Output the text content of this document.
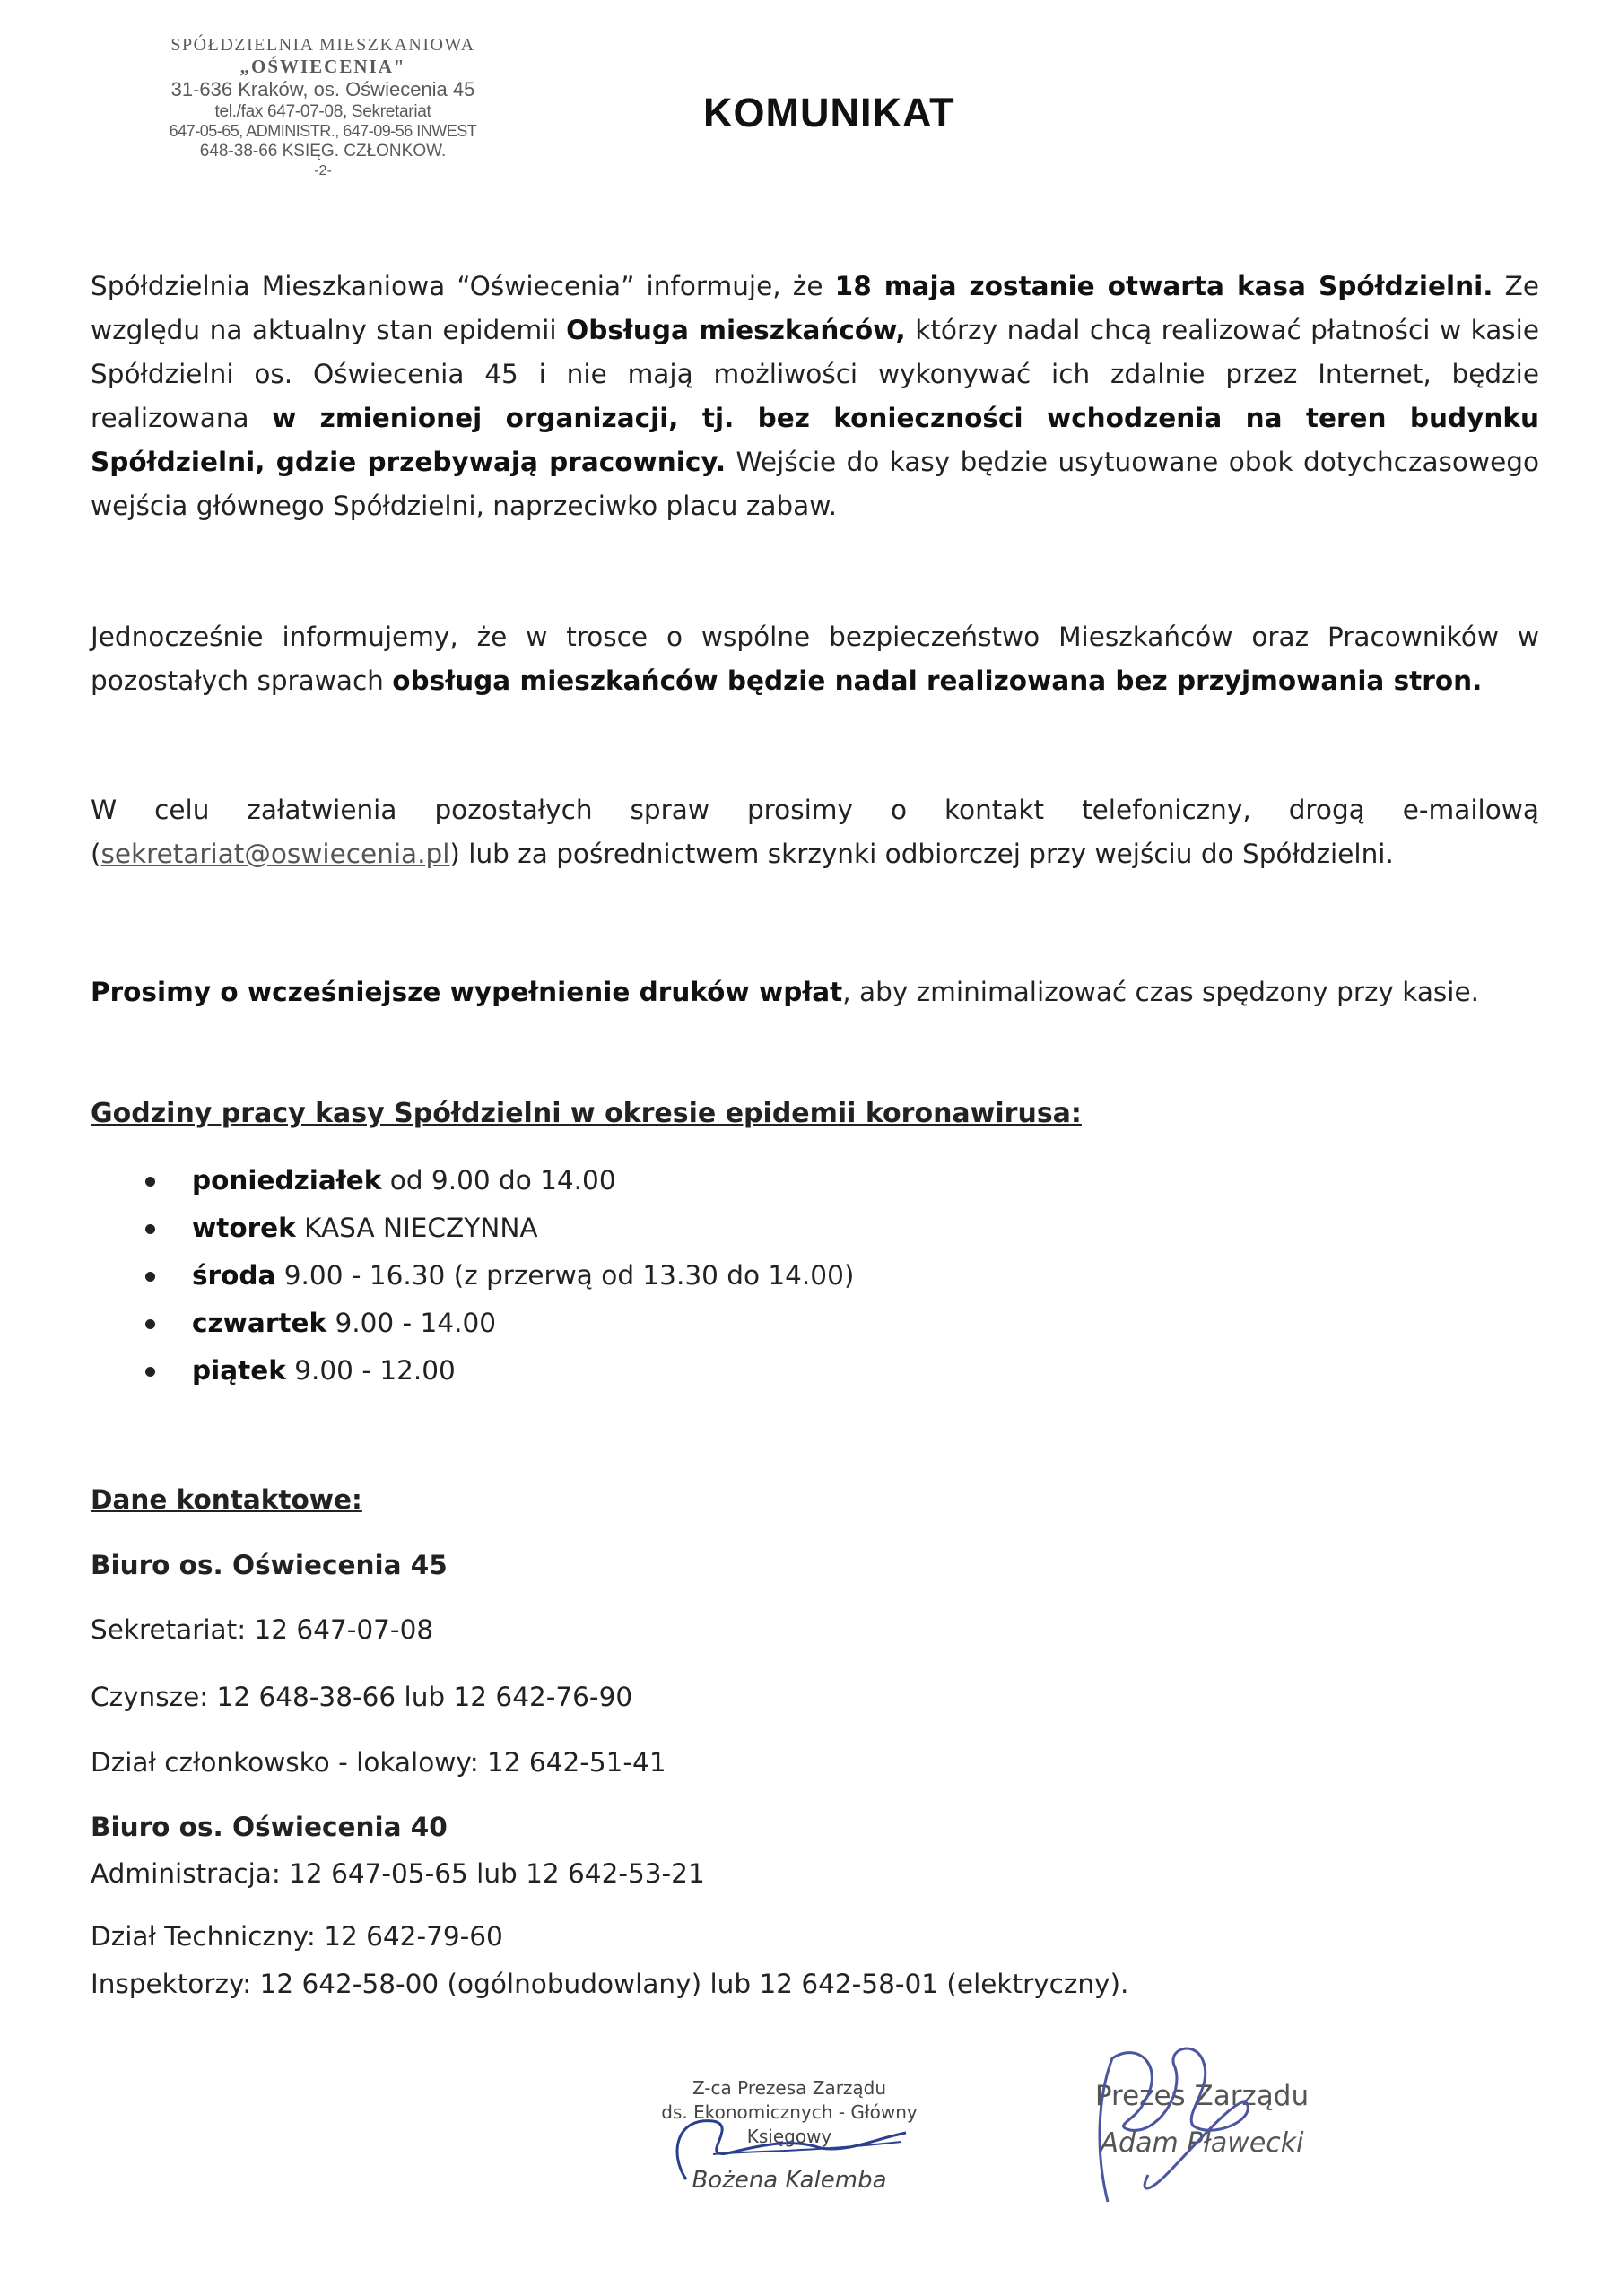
SPÓŁDZIELNIA MIESZKANIOWA
„OŚWIECENIA"
31-636 Kraków, os. Oświecenia 45
tel./fax 647-07-08, Sekretariat
647-05-65, ADMINISTR., 647-09-56 INWEST
648-38-66 KSIĘG. CZŁONKOW.
-2-
KOMUNIKAT
Spółdzielnia Mieszkaniowa “Oświecenia” informuje, że 18 maja zostanie otwarta kasa Spółdzielni. Ze względu na aktualny stan epidemii Obsługa mieszkańców, którzy nadal chcą realizować płatności w kasie Spółdzielni os. Oświecenia 45 i nie mają możliwości wykonywać ich zdalnie przez Internet, będzie realizowana w zmienionej organizacji, tj. bez konieczności wchodzenia na teren budynku Spółdzielni, gdzie przebywają pracownicy. Wejście do kasy będzie usytuowane obok dotychczasowego wejścia głównego Spółdzielni, naprzeciwko placu zabaw.
Jednocześnie informujemy, że w trosce o wspólne bezpieczeństwo Mieszkańców oraz Pracowników w pozostałych sprawach obsługa mieszkańców będzie nadal realizowana bez przyjmowania stron.
W celu załatwienia pozostałych spraw prosimy o kontakt telefoniczny, drogą e-mailową (sekretariat@oswiecenia.pl) lub za pośrednictwem skrzynki odbiorczej przy wejściu do Spółdzielni.
Prosimy o wcześniejsze wypełnienie druków wpłat, aby zminimalizować czas spędzony przy kasie.
Godziny pracy kasy Spółdzielni w okresie epidemii koronawirusa:
poniedziałek od 9.00 do 14.00
wtorek KASA NIECZYNNA
środa 9.00 - 16.30 (z przerwą od 13.30 do 14.00)
czwartek 9.00 - 14.00
piątek 9.00 - 12.00
Dane kontaktowe:
Biuro os. Oświecenia 45
Sekretariat: 12 647-07-08
Czynsze: 12 648-38-66 lub 12 642-76-90
Dział członkowsko - lokalowy: 12 642-51-41
Biuro os. Oświecenia 40
Administracja: 12 647-05-65 lub 12 642-53-21
Dział Techniczny: 12 642-79-60
Inspektorzy: 12 642-58-00 (ogólnobudowlany) lub 12 642-58-01 (elektryczny).
Z-ca Prezesa Zarządu
ds. Ekonomicznych - Główny Księgowy
Bożena Kalemba
Prezes Zarządu
Adam Pławecki
